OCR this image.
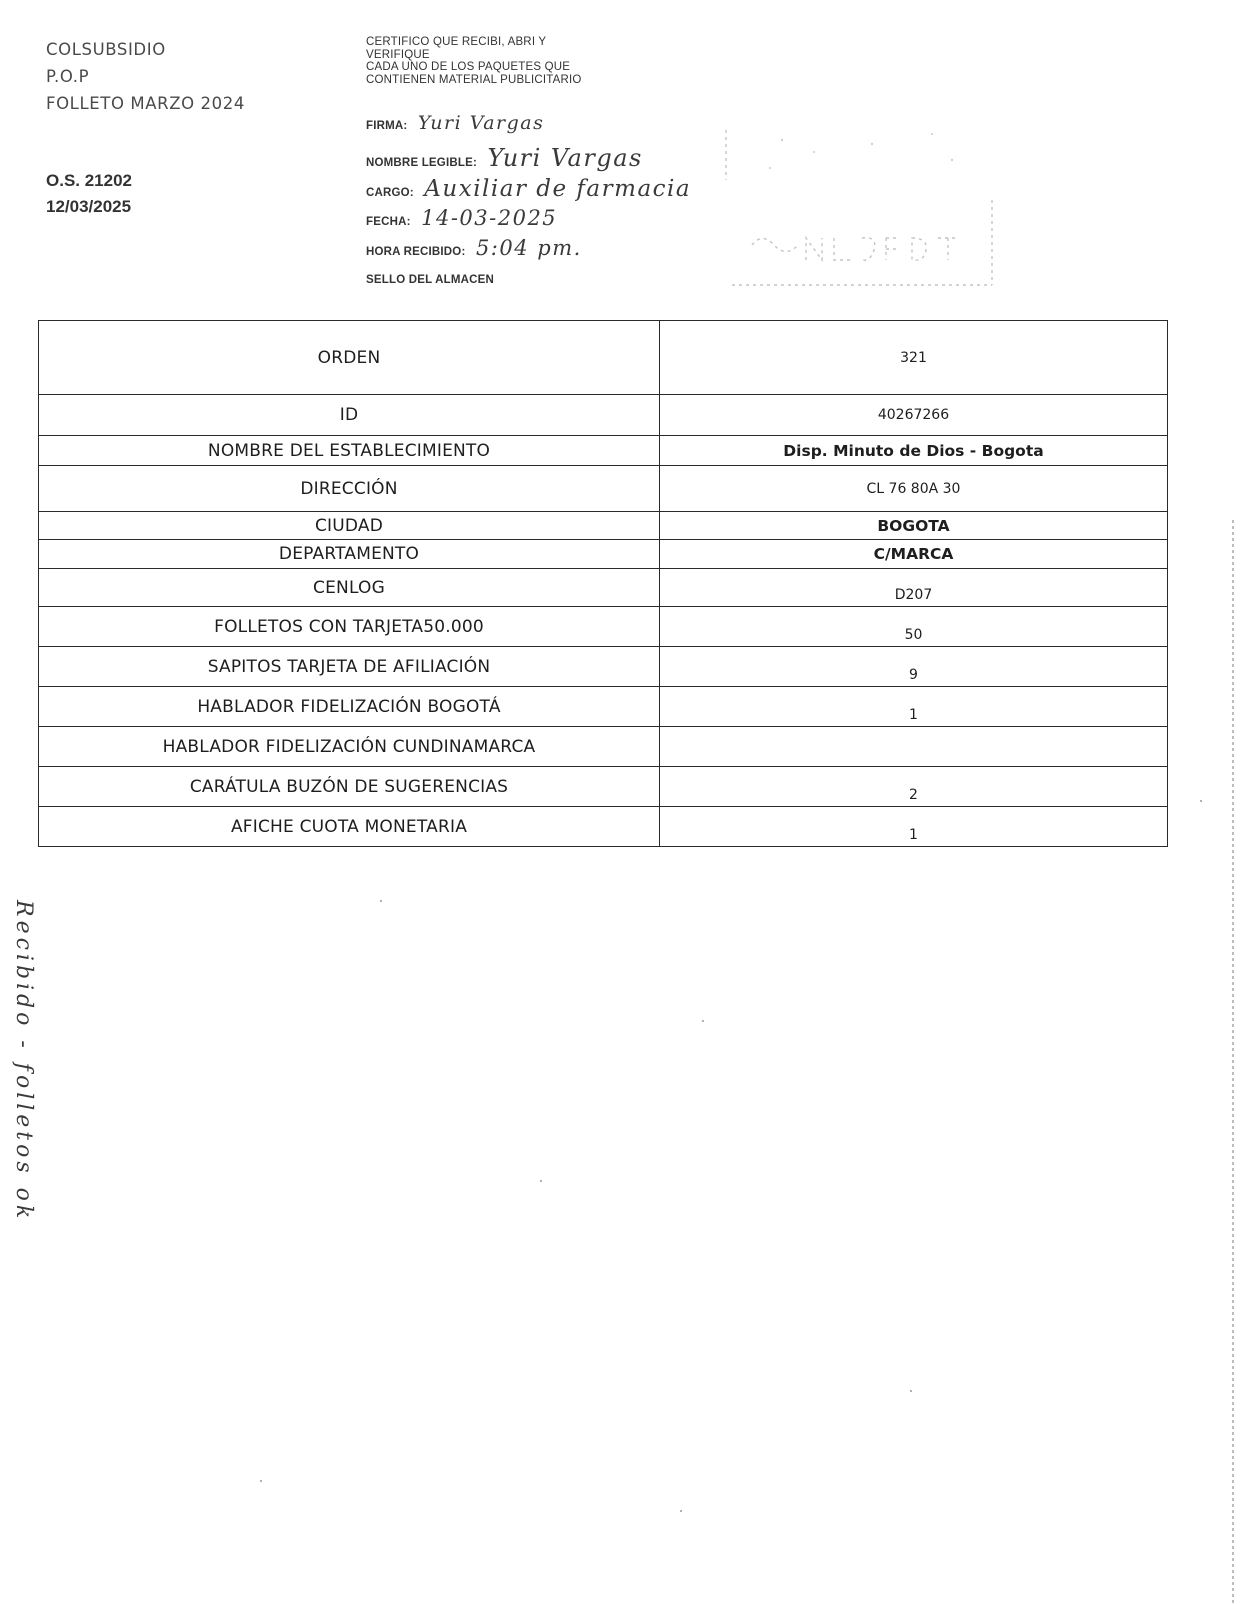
COLSUBSIDIO
P.O.P
FOLLETO MARZO 2024
O.S. 21202
12/03/2025
CERTIFICO QUE RECIBI, ABRI Y
VERIFIQUE
CADA UNO DE LOS PAQUETES QUE
CONTIENEN MATERIAL PUBLICITARIO
FIRMA: Yuri Vargas
NOMBRE LEGIBLE: Yuri Vargas
CARGO: Auxiliar de farmacia
FECHA: 14-03-2025
HORA RECIBIDO: 5:04 pm.
SELLO DEL ALMACEN
ORDEN	321
ID	40267266
NOMBRE DEL ESTABLECIMIENTO	Disp. Minuto de Dios - Bogota
DIRECCIÓN	CL 76 80A 30
CIUDAD	BOGOTA
DEPARTAMENTO	C/MARCA
CENLOG	D207
FOLLETOS CON TARJETA50.000	50
SAPITOS TARJETA DE AFILIACIÓN	9
HABLADOR FIDELIZACIÓN BOGOTÁ	1
HABLADOR FIDELIZACIÓN CUNDINAMARCA	
CARÁTULA BUZÓN DE SUGERENCIAS	2
AFICHE CUOTA MONETARIA	1
Recibido - folletos ok
